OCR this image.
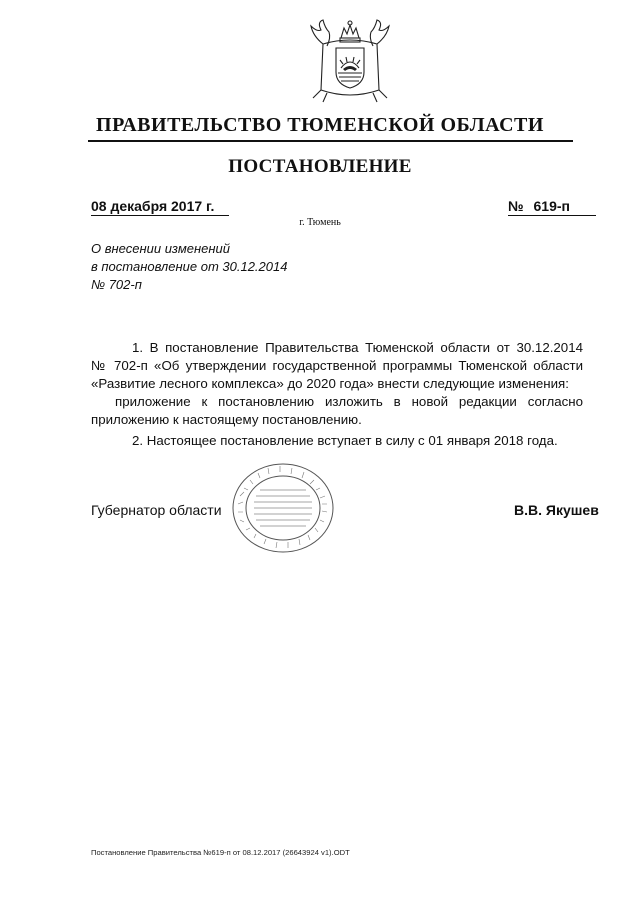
ПРАВИТЕЛЬСТВО ТЮМЕНСКОЙ ОБЛАСТИ
ПОСТАНОВЛЕНИЕ
08 декабря 2017 г.	№ 619-п
г. Тюмень
О внесении изменений
в постановление от 30.12.2014
№ 702-п
1. В постановление Правительства Тюменской области от 30.12.2014
№ 702-п «Об утверждении государственной программы Тюменской области «Развитие лесного комплекса» до 2020 года» внести следующие изменения:
приложение к постановлению изложить в новой редакции согласно
приложению к настоящему постановлению.
2. Настоящее постановление вступает в силу с 01 января 2018 года.
Губернатор области	В.В. Якушев
Постановление Правительства №619-п от 08.12.2017 (26643924 v1).ODT
